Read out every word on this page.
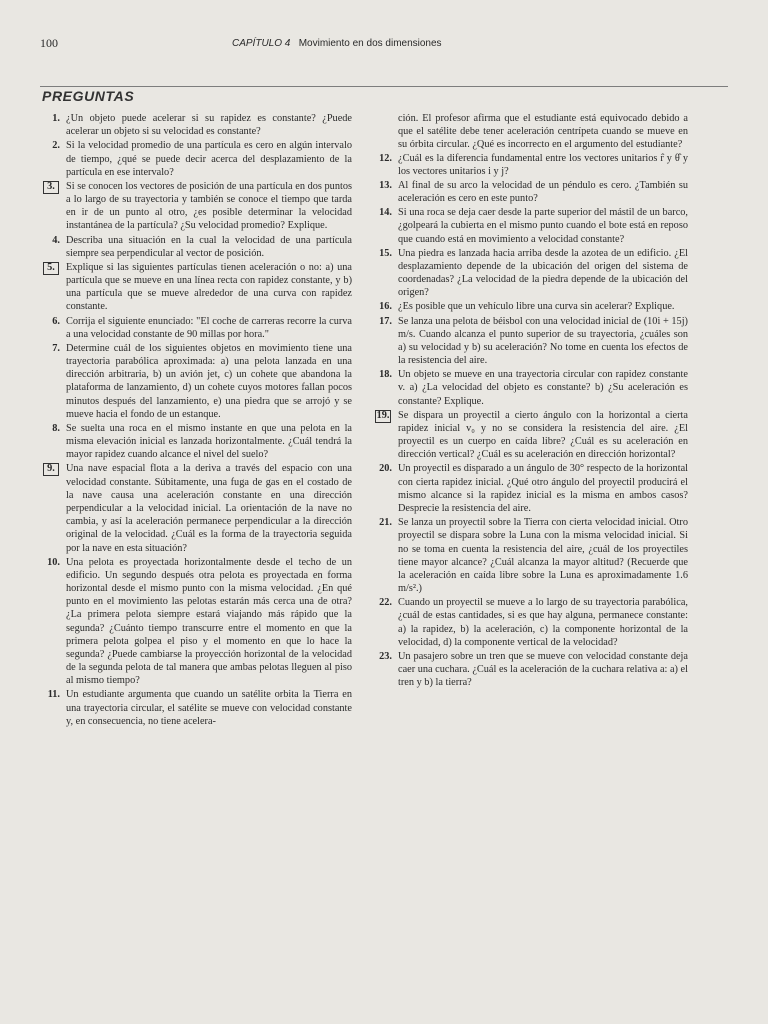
100	CAPÍTULO 4 Movimiento en dos dimensiones
PREGUNTAS
1. ¿Un objeto puede acelerar si su rapidez es constante? ¿Puede acelerar un objeto si su velocidad es constante?
2. Si la velocidad promedio de una partícula es cero en algún intervalo de tiempo, ¿qué se puede decir acerca del desplazamiento de la partícula en ese intervalo?
3.	Si se conocen los vectores de posición de una partícula en dos puntos a lo largo de su trayectoria y también se conoce el tiempo que tarda en ir de un punto al otro, ¿es posible determinar la velocidad instantánea de la partícula? ¿Su velocidad promedio? Explique.
4. Describa una situación en la cual la velocidad de una partícula siempre sea perpendicular al vector de posición.
5.	Explique si las siguientes partículas tienen aceleración o no: a) una partícula que se mueve en una línea recta con rapidez constante, y b) una partícula que se mueve alrededor de una curva con rapidez constante.
6. Corrija el siguiente enunciado: "El coche de carreras recorre la curva a una velocidad constante de 90 millas por hora."
7. Determine cuál de los siguientes objetos en movimiento tiene una trayectoria parabólica aproximada: a) una pelota lanzada en una dirección arbitraria, b) un avión jet, c) un cohete que abandona la plataforma de lanzamiento, d) un cohete cuyos motores fallan pocos minutos después del lanzamiento, e) una piedra que se arrojó y se mueve hacia el fondo de un estanque.
8. Se suelta una roca en el mismo instante en que una pelota en la misma elevación inicial es lanzada horizontalmente. ¿Cuál tendrá la mayor rapidez cuando alcance el nivel del suelo?
9.	Una nave espacial flota a la deriva a través del espacio con una velocidad constante. Súbitamente, una fuga de gas en el costado de la nave causa una aceleración constante en una dirección perpendicular a la velocidad inicial. La orientación de la nave no cambia, y así la aceleración permanece perpendicular a la dirección original de la velocidad. ¿Cuál es la forma de la trayectoria seguida por la nave en esta situación?
10. Una pelota es proyectada horizontalmente desde el techo de un edificio. Un segundo después otra pelota es proyectada en forma horizontal desde el mismo punto con la misma velocidad. ¿En qué punto en el movimiento las pelotas estarán más cerca una de otra? ¿La primera pelota siempre estará viajando más rápido que la segunda? ¿Cuánto tiempo transcurre entre el momento en que la primera pelota golpea el piso y el momento en que lo hace la segunda? ¿Puede cambiarse la proyección horizontal de la velocidad de la segunda pelota de tal manera que ambas pelotas lleguen al piso al mismo tiempo?
11. Un estudiante argumenta que cuando un satélite orbita la Tierra en una trayectoria circular, el satélite se mueve con velocidad constante y, en consecuencia, no tiene acelera-
ción. El profesor afirma que el estudiante está equivocado debido a que el satélite debe tener aceleración centrípeta cuando se mueve en su órbita circular. ¿Qué es incorrecto en el argumento del estudiante?
12. ¿Cuál es la diferencia fundamental entre los vectores unitarios r̂ y θ̂ y los vectores unitarios i y j?
13. Al final de su arco la velocidad de un péndulo es cero. ¿También su aceleración es cero en este punto?
14. Si una roca se deja caer desde la parte superior del mástil de un barco, ¿golpeará la cubierta en el mismo punto cuando el bote está en reposo que cuando está en movimiento a velocidad constante?
15. Una piedra es lanzada hacia arriba desde la azotea de un edificio. ¿El desplazamiento depende de la ubicación del origen del sistema de coordenadas? ¿La velocidad de la piedra depende de la ubicación del origen?
16. ¿Es posible que un vehículo libre una curva sin acelerar? Explique.
17. Se lanza una pelota de béisbol con una velocidad inicial de (10i + 15j) m/s. Cuando alcanza el punto superior de su trayectoria, ¿cuáles son a) su velocidad y b) su aceleración? No tome en cuenta los efectos de la resistencia del aire.
18. Un objeto se mueve en una trayectoria circular con rapidez constante v. a) ¿La velocidad del objeto es constante? b) ¿Su aceleración es constante? Explique.
19. Se dispara un proyectil a cierto ángulo con la horizontal a cierta rapidez inicial v₀ y no se considera la resistencia del aire. ¿El proyectil es un cuerpo en caída libre? ¿Cuál es su aceleración en dirección vertical? ¿Cuál es su aceleración en dirección horizontal?
20. Un proyectil es disparado a un ángulo de 30° respecto de la horizontal con cierta rapidez inicial. ¿Qué otro ángulo del proyectil producirá el mismo alcance si la rapidez inicial es la misma en ambos casos? Desprecie la resistencia del aire.
21. Se lanza un proyectil sobre la Tierra con cierta velocidad inicial. Otro proyectil se dispara sobre la Luna con la misma velocidad inicial. Si no se toma en cuenta la resistencia del aire, ¿cuál de los proyectiles tiene mayor alcance? ¿Cuál alcanza la mayor altitud? (Recuerde que la aceleración en caída libre sobre la Luna es aproximadamente 1.6 m/s².)
22. Cuando un proyectil se mueve a lo largo de su trayectoria parabólica, ¿cuál de estas cantidades, si es que hay alguna, permanece constante: a) la rapidez, b) la aceleración, c) la componente horizontal de la velocidad, d) la componente vertical de la velocidad?
23. Un pasajero sobre un tren que se mueve con velocidad constante deja caer una cuchara. ¿Cuál es la aceleración de la cuchara relativa a: a) el tren y b) la tierra?
